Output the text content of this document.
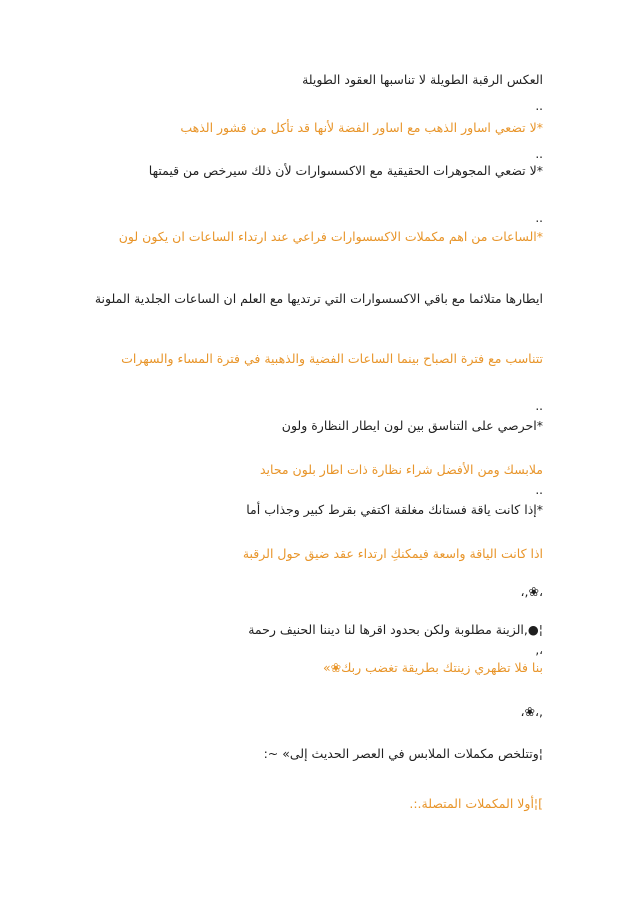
العكس الرقبة الطويلة لا تناسبها العقود الطويلة
..
*لا تضعي اساور الذهب مع اساور الفضة لأنها قد تأكل من قشور الذهب
..
*لا تضعي المجوهرات الحقيقية مع الاكسسوارات لأن ذلك سيرخص من قيمتها
..
*الساعات من اهم مكملات الاكسسوارات فراعي عند ارتداء الساعات ان يكون لون
ايطارها متلائما مع باقي الاكسسوارات التي ترتديها مع العلم ان الساعات الجلدية الملونة
تتناسب مع فترة الصباح بينما الساعات الفضية والذهبية في فترة المساء والسهرات
..
*احرصي على التناسق بين لون ايطار النظارة ولون
ملابسك ومن الأفضل شراء نظارة ذات اطار بلون محايد
..
*إذا كانت ياقة فستانك مغلقة اكتفي بقرط كبير وجذاب أما
اذا كانت الياقة واسعة فيمكنكِ ارتداء عقد ضيق حول الرقبة
،,❀،
¦●,الزينة مطلوبة ولكن بحدود اقرها لنا ديننا الحنيف رحمة
,،
بنا فلا تظهري زينتك بطريقة تغضب ربك❀»
،❀،,
¦وتتلخص مكملات الملابس في العصر الحديث إلى» ~:
]¦أولا المكملات المتصلة.:.
